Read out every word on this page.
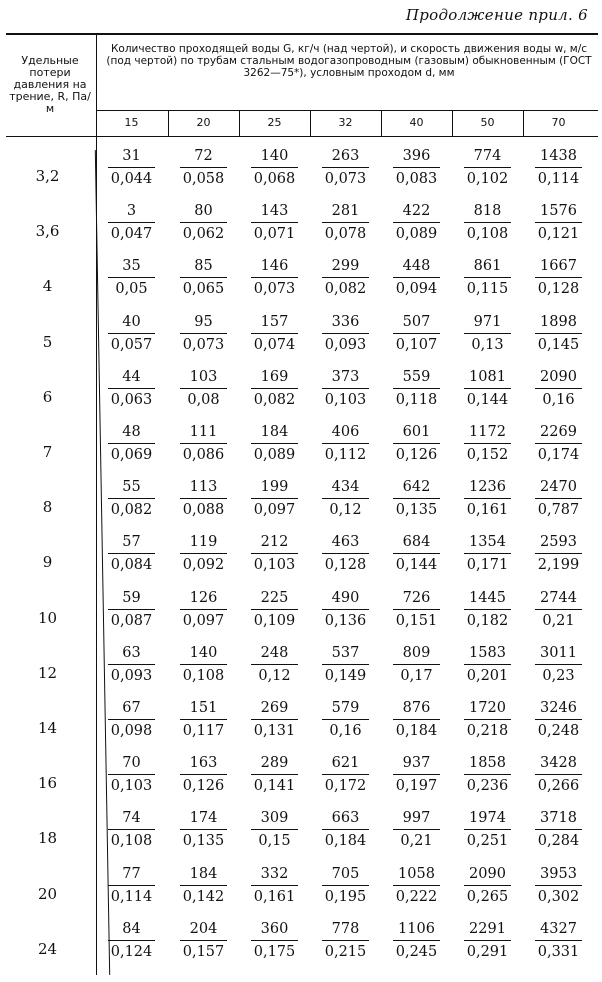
Продолжение прил. 6
Удельные потери давления на трение, R, Па/м
Количество проходящей воды G, кг/ч (над чертой), и скорость движения воды w, м/с (под чертой) по трубам стальным водогазопроводным (газовым) обыкновенным (ГОСТ 3262—75*), условным проходом d, мм
15	20	25	32	40	50	70
3,2	$\frac{31}{0,044} \frac{72}{0,058} \frac{140}{0,068} \frac{263}{0,073} \frac{396}{0,083} \frac{774}{0,102} \frac{1438}{0,114}$
3,6	$\frac{3}{0,047} \frac{80}{0,062} \frac{143}{0,071} \frac{281}{0,078} \frac{422}{0,089} \frac{818}{0,108} \frac{1576}{0,121}$
4	$\frac{35}{0,05} \frac{85}{0,065} \frac{146}{0,073} \frac{299}{0,082} \frac{448}{0,094} \frac{861}{0,115} \frac{1667}{0,128}$
5	$\frac{40}{0,057} \frac{95}{0,073} \frac{157}{0,074} \frac{336}{0,093} \frac{507}{0,107} \frac{971}{0,13} \frac{1898}{0,145}$
6	$\frac{44}{0,063} \frac{103}{0,08} \frac{169}{0,082} \frac{373}{0,103} \frac{559}{0,118} \frac{1081}{0,144} \frac{2090}{0,16}$
7	$\frac{48}{0,069} \frac{111}{0,086} \frac{184}{0,089} \frac{406}{0,112} \frac{601}{0,126} \frac{1172}{0,152} \frac{2269}{0,174}$
8	$\frac{55}{0,082} \frac{113}{0,088} \frac{199}{0,097} \frac{434}{0,12} \frac{642}{0,135} \frac{1236}{0,161} \frac{2470}{0,787}$
9	$\frac{57}{0,084} \frac{119}{0,092} \frac{212}{0,103} \frac{463}{0,128} \frac{684}{0,144} \frac{1354}{0,171} \frac{2593}{2,199}$
10	$\frac{59}{0,087} \frac{126}{0,097} \frac{225}{0,109} \frac{490}{0,136} \frac{726}{0,151} \frac{1445}{0,182} \frac{2744}{0,21}$
12	$\frac{63}{0,093} \frac{140}{0,108} \frac{248}{0,12} \frac{537}{0,149} \frac{809}{0,17} \frac{1583}{0,201} \frac{3011}{0,23}$
14	$\frac{67}{0,098} \frac{151}{0,117} \frac{269}{0,131} \frac{579}{0,16} \frac{876}{0,184} \frac{1720}{0,218} \frac{3246}{0,248}$
16	$\frac{70}{0,103} \frac{163}{0,126} \frac{289}{0,141} \frac{621}{0,172} \frac{937}{0,197} \frac{1858}{0,236} \frac{3428}{0,266}$
18	$\frac{74}{0,108} \frac{174}{0,135} \frac{309}{0,15} \frac{663}{0,184} \frac{997}{0,21} \frac{1974}{0,251} \frac{3718}{0,284}$
20	$\frac{77}{0,114} \frac{184}{0,142} \frac{332}{0,161} \frac{705}{0,195} \frac{1058}{0,222} \frac{2090}{0,265} \frac{3953}{0,302}$
24	$\frac{84}{0,124} \frac{204}{0,157} \frac{360}{0,175} \frac{778}{0,215} \frac{1106}{0,245} \frac{2291}{0,291} \frac{4327}{0,331}$
